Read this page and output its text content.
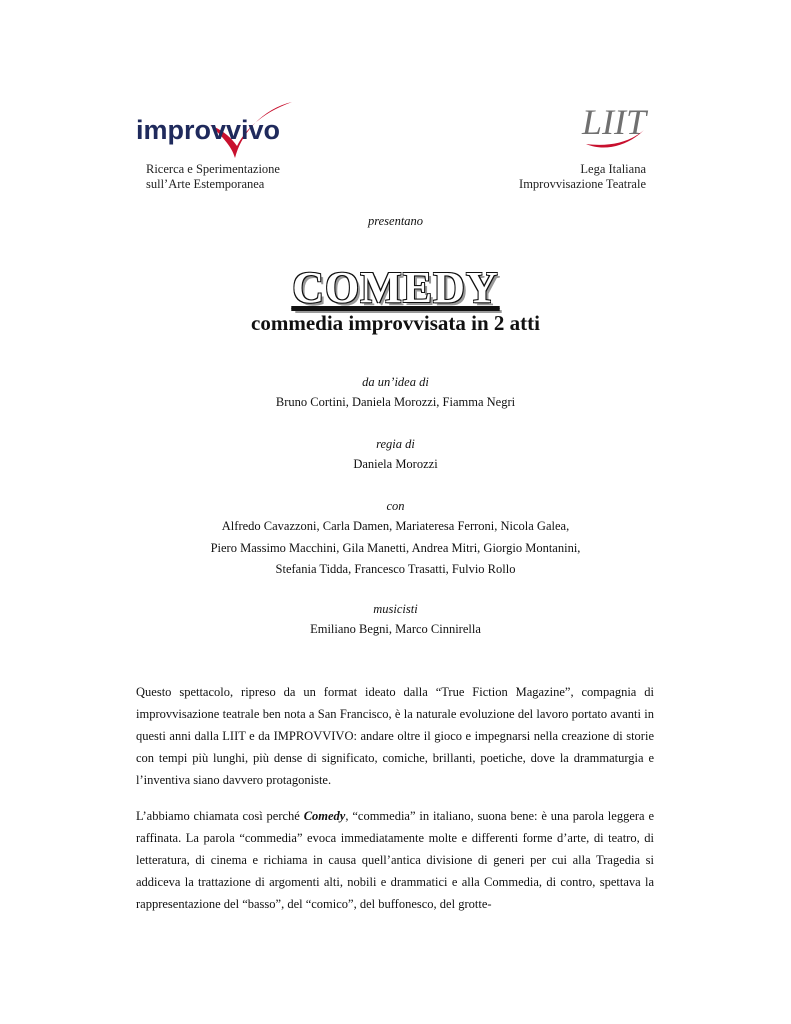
improvvivo	LIIT
Ricerca e Sperimentazione
sull’Arte Estemporanea
Lega Italiana
Improvvisazione Teatrale
presentano
COMEDY
commedia improvvisata in 2 atti
da un’idea di
Bruno Cortini, Daniela Morozzi, Fiamma Negri
regia di
Daniela Morozzi
con
Alfredo Cavazzoni, Carla Damen, Mariateresa Ferroni, Nicola Galea,
Piero Massimo Macchini, Gila Manetti, Andrea Mitri, Giorgio Montanini,
Stefania Tidda, Francesco Trasatti, Fulvio Rollo
musicisti
Emiliano Begni, Marco Cinnirella

Questo spettacolo, ripreso da un format ideato dalla “True Fiction Magazine”, compagnia di improvvisazione teatrale ben nota a San Francisco, è la naturale evoluzione del lavoro portato avanti in questi anni dalla LIIT e da IMPROVVIVO: andare oltre il gioco e impegnarsi nella creazione di storie con tempi più lunghi, più dense di significato, comiche, brillanti, poetiche, dove la drammaturgia e l’inventiva siano davvero protagoniste.

L’abbiamo chiamata così perché Comedy, “commedia” in italiano, suona bene: è una parola leggera e raffinata. La parola “commedia” evoca immediatamente molte e differenti forme d’arte, di teatro, di letteratura, di cinema e richiama in causa quell’antica divisione di generi per cui alla Tragedia si addiceva la trattazione di argomenti alti, nobili e drammatici e alla Commedia, di contro, spettava la rappresentazione del “basso”, del “comico”, del buffonesco, del grotte-
